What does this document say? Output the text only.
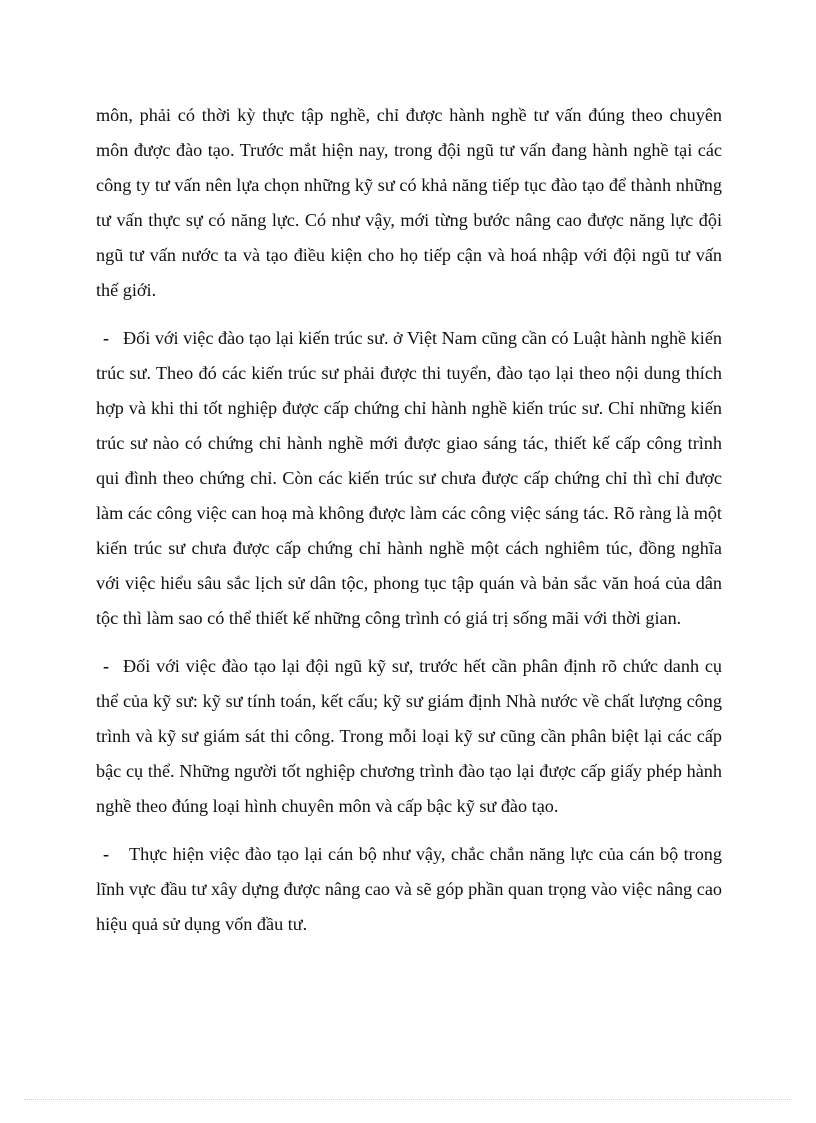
môn, phải có thời kỳ thực tập nghề, chỉ được hành nghề tư vấn đúng theo chuyên môn được đào tạo. Trước mắt hiện nay, trong đội ngũ tư vấn đang hành nghề tại các công ty tư vấn nên lựa chọn những kỹ sư có khả năng tiếp tục đào tạo để thành những tư vấn thực sự có năng lực. Có như vậy, mới từng bước nâng cao được năng lực đội ngũ tư vấn nước ta và tạo điều kiện cho họ tiếp cận và hoá nhập với đội ngũ tư vấn thế giới.

- Đối với việc đào tạo lại kiến trúc sư. ở Việt Nam cũng cần có Luật hành nghề kiến trúc sư. Theo đó các kiến trúc sư phải được thi tuyển, đào tạo lại theo nội dung thích hợp và khi thi tốt nghiệp được cấp chứng chỉ hành nghề kiến trúc sư. Chỉ những kiến trúc sư nào có chứng chỉ hành nghề mới được giao sáng tác, thiết kế cấp công trình qui đình theo chứng chỉ. Còn các kiến trúc sư chưa được cấp chứng chỉ thì chỉ được làm các công việc can hoạ mà không được làm các công việc sáng tác. Rõ ràng là một kiến trúc sư chưa được cấp chứng chỉ hành nghề một cách nghiêm túc, đồng nghĩa với việc hiểu sâu sắc lịch sử dân tộc, phong tục tập quán và bản sắc văn hoá của dân tộc thì làm sao có thể thiết kế những công trình có giá trị sống mãi với thời gian.

- Đối với việc đào tạo lại đội ngũ kỹ sư, trước hết cần phân định rõ chức danh cụ thể của kỹ sư: kỹ sư tính toán, kết cấu; kỹ sư giám định Nhà nước về chất lượng công trình và kỹ sư giám sát thi công. Trong mỗi loại kỹ sư cũng cần phân biệt lại các cấp bậc cụ thể. Những người tốt nghiệp chương trình đào tạo lại được cấp giấy phép hành nghề theo đúng loại hình chuyên môn và cấp bậc kỹ sư đào tạo.

- Thực hiện việc đào tạo lại cán bộ như vậy, chắc chắn năng lực của cán bộ trong lĩnh vực đầu tư xây dựng được nâng cao và sẽ góp phần quan trọng vào việc nâng cao hiệu quả sử dụng vốn đầu tư.
